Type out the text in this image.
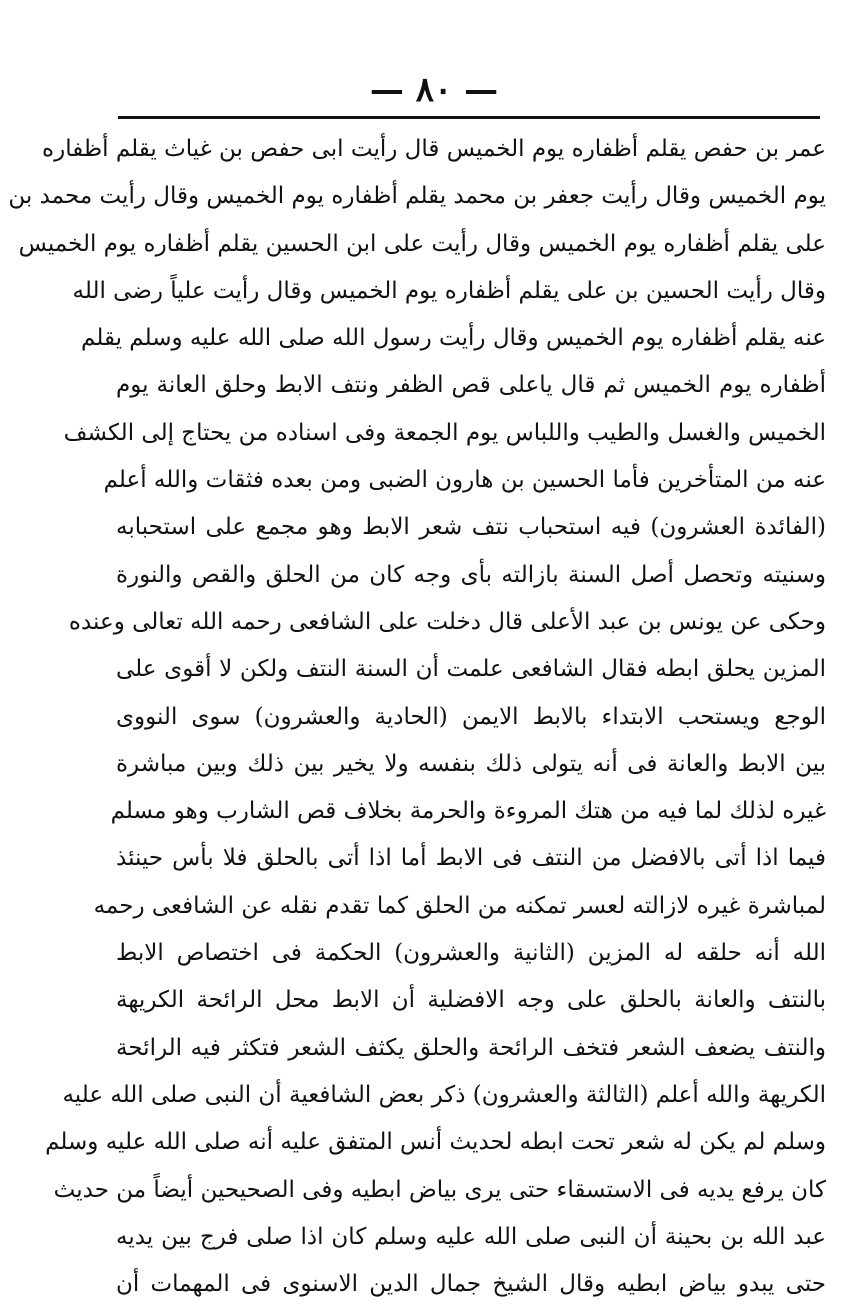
— ٨٠ —
عمر بن حفص يقلم أظفاره يوم الخميس قال رأيت ابى حفص بن غياث يقلم أظفاره
يوم الخميس وقال رأيت جعفر بن محمد يقلم أظفاره يوم الخميس وقال رأيت محمد بن
على يقلم أظفاره يوم الخميس وقال رأيت على ابن الحسين يقلم أظفاره يوم الخميس
وقال رأيت الحسين بن على يقلم أظفاره يوم الخميس وقال رأيت علياً رضى الله
عنه يقلم أظفاره يوم الخميس وقال رأيت رسول الله صلى الله عليه وسلم يقلم
أظفاره يوم الخميس ثم قال ياعلى قص الظفر ونتف الابط وحلق العانة يوم
الخميس والغسل والطيب واللباس يوم الجمعة وفى اسناده من يحتاج إلى الكشف
عنه من المتأخرين فأما الحسين بن هارون الضبى ومن بعده فثقات والله أعلم
(الفائدة العشرون) فيه استحباب نتف شعر الابط وهو مجمع على استحبابه
وسنيته وتحصل أصل السنة بازالته بأى وجه كان من الحلق والقص والنورة
وحكى عن يونس بن عبد الأعلى قال دخلت على الشافعى رحمه الله تعالى وعنده
المزين يحلق ابطه فقال الشافعى علمت أن السنة النتف ولكن لا أقوى على
الوجع ويستحب الابتداء بالابط الايمن (الحادية والعشرون) سوى النووى
بين الابط والعانة فى أنه يتولى ذلك بنفسه ولا يخير بين ذلك وبين مباشرة
غيره لذلك لما فيه من هتك المروءة والحرمة بخلاف قص الشارب وهو مسلم
فيما اذا أتى بالافضل من النتف فى الابط أما اذا أتى بالحلق فلا بأس حينئذ
لمباشرة غيره لازالته لعسر تمكنه من الحلق كما تقدم نقله عن الشافعى رحمه
الله أنه حلقه له المزين (الثانية والعشرون) الحكمة فى اختصاص الابط
بالنتف والعانة بالحلق على وجه الافضلية أن الابط محل الرائحة الكريهة
والنتف يضعف الشعر فتخف الرائحة والحلق يكثف الشعر فتكثر فيه الرائحة
الكريهة والله أعلم (الثالثة والعشرون) ذكر بعض الشافعية أن النبى صلى الله عليه
وسلم لم يكن له شعر تحت ابطه لحديث أنس المتفق عليه أنه صلى الله عليه وسلم
كان يرفع يديه فى الاستسقاء حتى يرى بياض ابطيه وفى الصحيحين أيضاً من حديث
عبد الله بن بحينة أن النبى صلى الله عليه وسلم كان اذا صلى فرج بين يديه
حتى يبدو بياض ابطيه وقال الشيخ جمال الدين الاسنوى فى المهمات أن
